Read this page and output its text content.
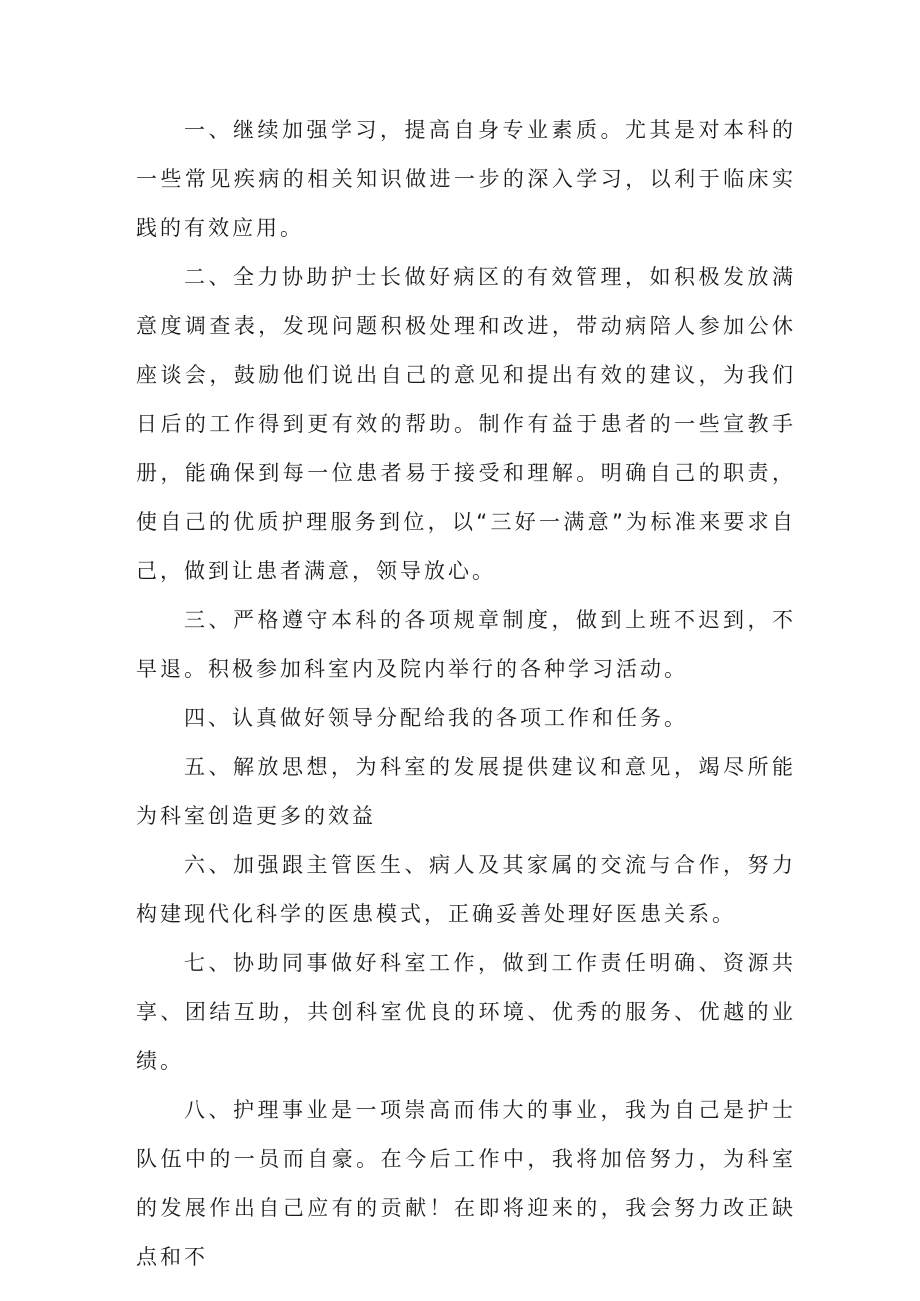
一、继续加强学习，提高自身专业素质。尤其是对本科的一些常见疾病的相关知识做进一步的深入学习，以利于临床实践的有效应用。

二、全力协助护士长做好病区的有效管理，如积极发放满意度调查表，发现问题积极处理和改进，带动病陪人参加公休座谈会，鼓励他们说出自己的意见和提出有效的建议，为我们日后的工作得到更有效的帮助。制作有益于患者的一些宣教手册，能确保到每一位患者易于接受和理解。明确自己的职责，使自己的优质护理服务到位，以“三好一满意”为标准来要求自己，做到让患者满意，领导放心。

三、严格遵守本科的各项规章制度，做到上班不迟到，不早退。积极参加科室内及院内举行的各种学习活动。

四、认真做好领导分配给我的各项工作和任务。

五、解放思想，为科室的发展提供建议和意见，竭尽所能为科室创造更多的效益

六、加强跟主管医生、病人及其家属的交流与合作，努力构建现代化科学的医患模式，正确妥善处理好医患关系。

七、协助同事做好科室工作，做到工作责任明确、资源共享、团结互助，共创科室优良的环境、优秀的服务、优越的业绩。

八、护理事业是一项崇高而伟大的事业，我为自己是护士队伍中的一员而自豪。在今后工作中，我将加倍努力，为科室的发展作出自己应有的贡献！在即将迎来的，我会努力改正缺点和不
